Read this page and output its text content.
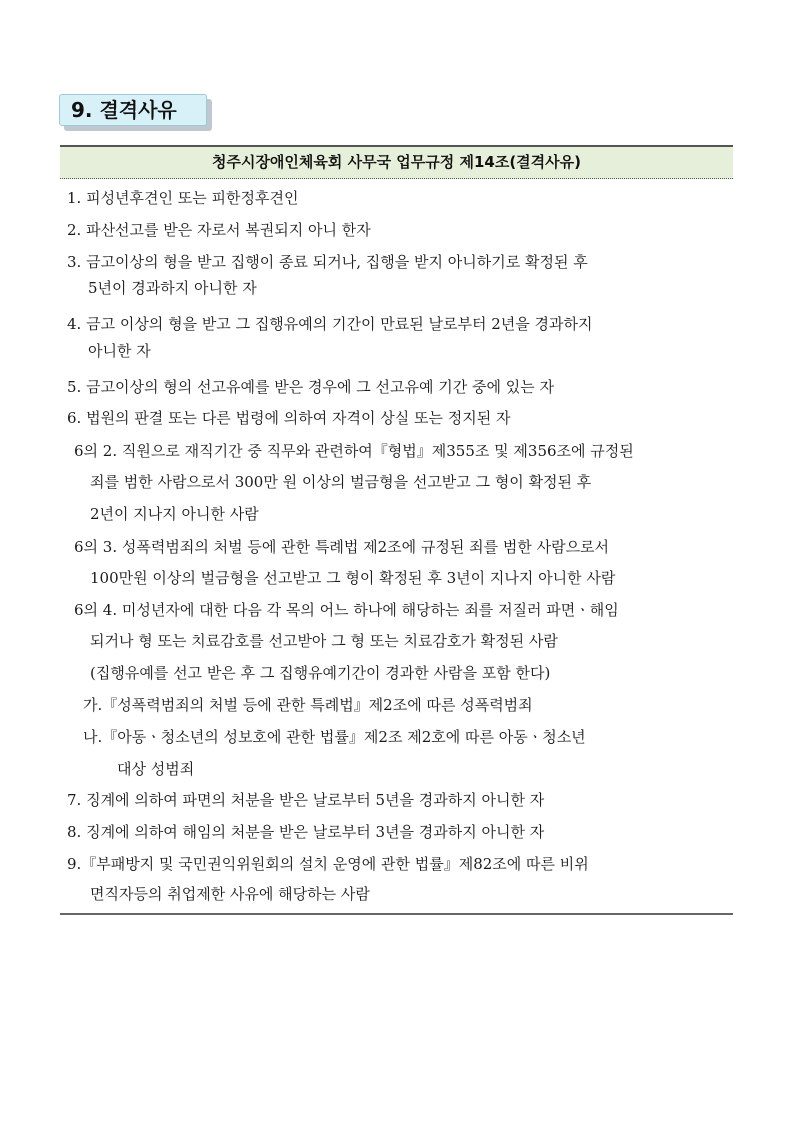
9. 결격사유
청주시장애인체육회 사무국 업무규정 제14조(결격사유)
1. 피성년후견인 또는 피한정후견인
2. 파산선고를 받은 자로서 복권되지 아니 한자
3. 금고이상의 형을 받고 집행이 종료 되거나, 집행을 받지 아니하기로 확정된 후
5년이 경과하지 아니한 자
4. 금고 이상의 형을 받고 그 집행유예의 기간이 만료된 날로부터 2년을 경과하지
아니한 자
5. 금고이상의 형의 선고유예를 받은 경우에 그 선고유예 기간 중에 있는 자
6. 법원의 판결 또는 다른 법령에 의하여 자격이 상실 또는 정지된 자
6의 2. 직원으로 재직기간 중 직무와 관련하여『형법』제355조 및 제356조에 규정된
죄를 범한 사람으로서 300만 원 이상의 벌금형을 선고받고 그 형이 확정된 후
2년이 지나지 아니한 사람
6의 3. 성폭력범죄의 처벌 등에 관한 특례법 제2조에 규정된 죄를 범한 사람으로서
100만원 이상의 벌금형을 선고받고 그 형이 확정된 후 3년이 지나지 아니한 사람
6의 4. 미성년자에 대한 다음 각 목의 어느 하나에 해당하는 죄를 저질러 파면ㆍ해임
되거나 형 또는 치료감호를 선고받아 그 형 또는 치료감호가 확정된 사람
(집행유예를 선고 받은 후 그 집행유예기간이 경과한 사람을 포함 한다)
가.『성폭력범죄의 처벌 등에 관한 특례법』제2조에 따른 성폭력범죄
나.『아동ㆍ청소년의 성보호에 관한 법률』제2조 제2호에 따른 아동ㆍ청소년
대상 성범죄
7. 징계에 의하여 파면의 처분을 받은 날로부터 5년을 경과하지 아니한 자
8. 징계에 의하여 해임의 처분을 받은 날로부터 3년을 경과하지 아니한 자
9.『부패방지 및 국민권익위원회의 설치 운영에 관한 법률』제82조에 따른 비위
면직자등의 취업제한 사유에 해당하는 사람
